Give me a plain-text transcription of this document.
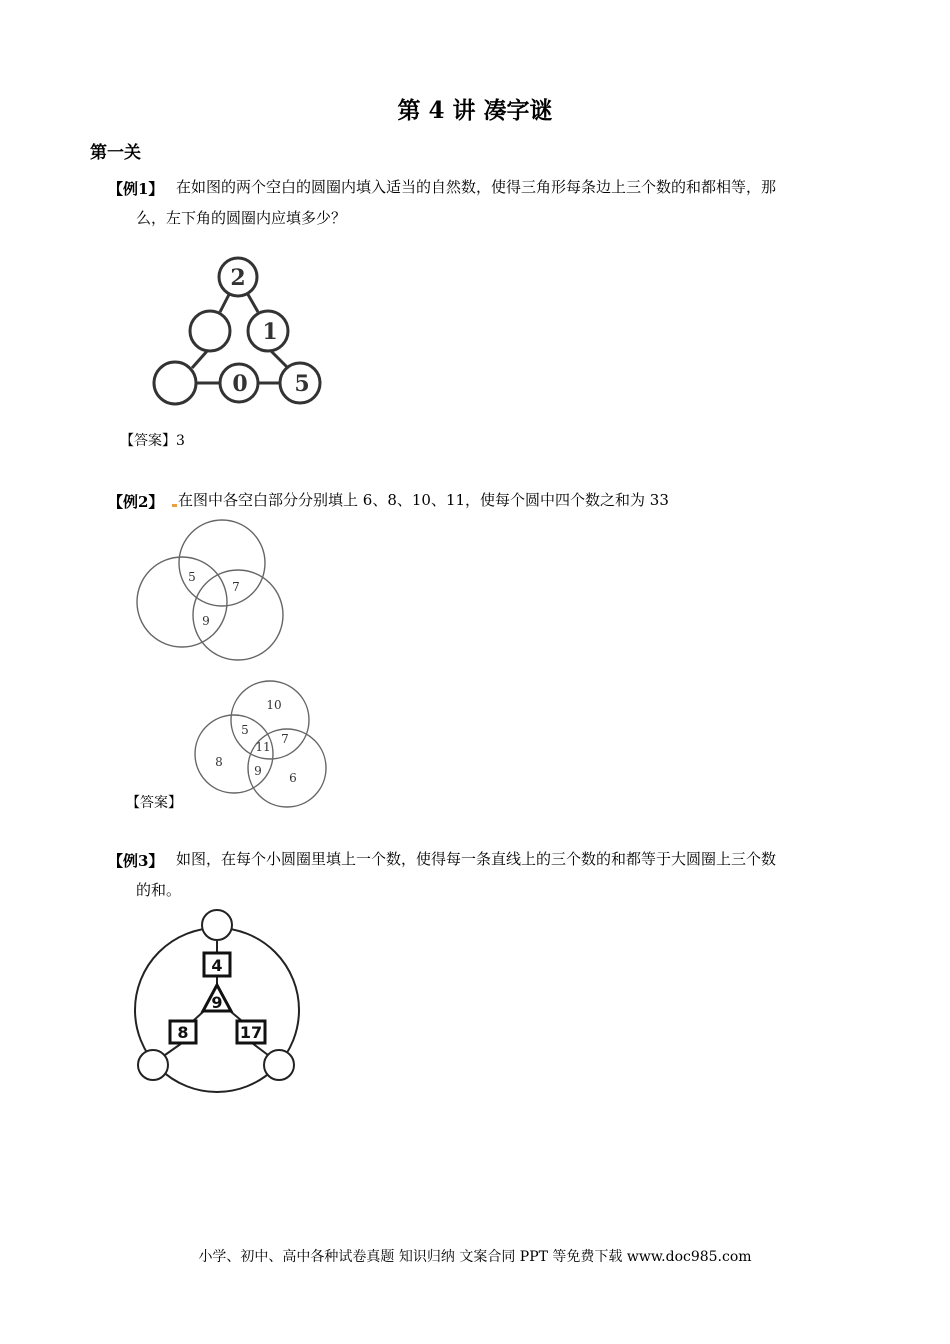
第 4 讲 凑字谜
第一关
【例1】 在如图的两个空白的圆圈内填入适当的自然数，使得三角形每条边上三个数的和都相等，那
么，左下角的圆圈内应填多少？
2
1
0 5
【答案】3
【例2】 在图中各空白部分分别填上 6、8、10、11，使每个圆中四个数之和为 33
5
7
9
10
5
7
11
8
9 6
【答案】
【例3】 如图，在每个小圆圈里填上一个数，使得每一条直线上的三个数的和都等于大圆圈上三个数
的和。
4
9
8	17
小学、初中、高中各种试卷真题 知识归纳 文案合同 PPT 等免费下载 www.doc985.com
